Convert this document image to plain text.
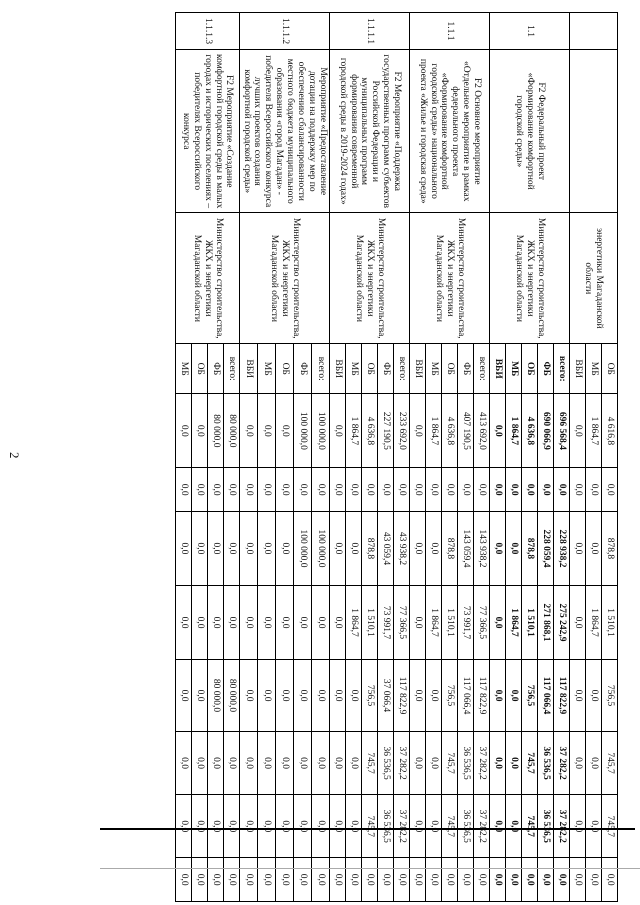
2
		энергетики Магаданской области	ОБ	4 616,8	0,0	878,8	1 510,1	756,5	745,7	745,7	0,0
			МБ	1 864,7	0,0	0,0	1 864,7	0,0	0,0	0,0	0,0
			ВБИ	0,0	0,0	0,0	0,0	0,0	0,0	0,0	0,0
1.1	F2 Федеральный проект «Формирование комфортной городской среды»	Министерство строительства, ЖКХ и энергетики Магаданской области	всего:	696 568,4	0,0	228 938,2	275 242,9	117 822,9	37 282,2	37 282,2	0,0
			ФБ	690 066,9	0,0	228 059,4	271 868,1	117 066,4	36 536,5	36 536,5	0,0
			ОБ	4 636,8	0,0	878,8	1 510,1	756,5	745,7	745,7	0,0
			МБ	1 864,7	0,0	0,0	1 864,7	0,0	0,0	0,0	0,0
			ВБИ	0,0	0,0	0,0	0,0	0,0	0,0	0,0	0,0
1.1.1	F2 Основное мероприятие «Отдельное мероприятие в рамках федерального проекта «Формирование комфортной городской среды» национального проекта «Жилье и городская среда»	Министерство строительства, ЖКХ и энергетики Магаданской области	всего:	413 692,0	0,0	143 938,2	77 366,5	117 822,9	37 282,2	37 282,2	0,0
			ФБ	407 190,5	0,0	143 059,4	73 991,7	117 066,4	36 536,5	36 536,5	0,0
			ОБ	4 636,8	0,0	878,8	1 510,1	756,5	745,7	745,7	0,0
			МБ	1 864,7	0,0	0,0	1 864,7	0,0	0,0	0,0	0,0
			ВБИ	0,0	0,0	0,0	0,0	0,0	0,0	0,0	0,0
1.1.1.1	F2 Мероприятие «Поддержка государственных программ субъектов Российской Федерации и муниципальных программ формирования современной городской среды в 2019-2024 годах»	Министерство строительства, ЖКХ и энергетики Магаданской области	всего:	233 692,0	0,0	43 938,2	77 366,5	117 822,9	37 282,2	37 282,2	0,0
			ФБ	227 190,5	0,0	43 059,4	73 991,7	37 066,4	36 536,5	36 536,5	0,0
			ОБ	4 636,8	0,0	878,8	1 510,1	756,5	745,7	745,7	0,0
			МБ	1 864,7	0,0	0,0	1 864,7	0,0	0,0	0,0	0,0
			ВБИ	0,0	0,0	0,0	0,0	0,0	0,0	0,0	0,0
1.1.1.2	Мероприятие «Предоставление дотации на поддержку мер по обеспечению сбалансированности местного бюджета муниципального образования «город Магадан» - победителя Всероссийского конкурса лучших проектов создания комфортной городской среды»	Министерство строительства, ЖКХ и энергетики Магаданской области	всего:	100 000,0	0,0	100 000,0	0,0	0,0	0,0	0,0	0,0
			ФБ	100 000,0	0,0	100 000,0	0,0	0,0	0,0	0,0	0,0
			ОБ	0,0	0,0	0,0	0,0	0,0	0,0	0,0	0,0
			МБ	0,0	0,0	0,0	0,0	0,0	0,0	0,0	0,0
			ВБИ	0,0	0,0	0,0	0,0	0,0	0,0	0,0	0,0
1.1.1.3	F2 Мероприятие «Создание комфортной городской среды в малых городах и исторических поселениях – победителях Всероссийского конкурса	Министерство строительства, ЖКХ и энергетики Магаданской области	всего:	80 000,0	0,0	0,0	0,0	80 000,0	0,0	0,0	0,0
			ФБ	80 000,0	0,0	0,0	0,0	80 000,0	0,0	0,0	0,0
			ОБ	0,0	0,0	0,0	0,0	0,0	0,0	0,0	0,0
			МБ	0,0	0,0	0,0	0,0	0,0	0,0	0,0	0,0
